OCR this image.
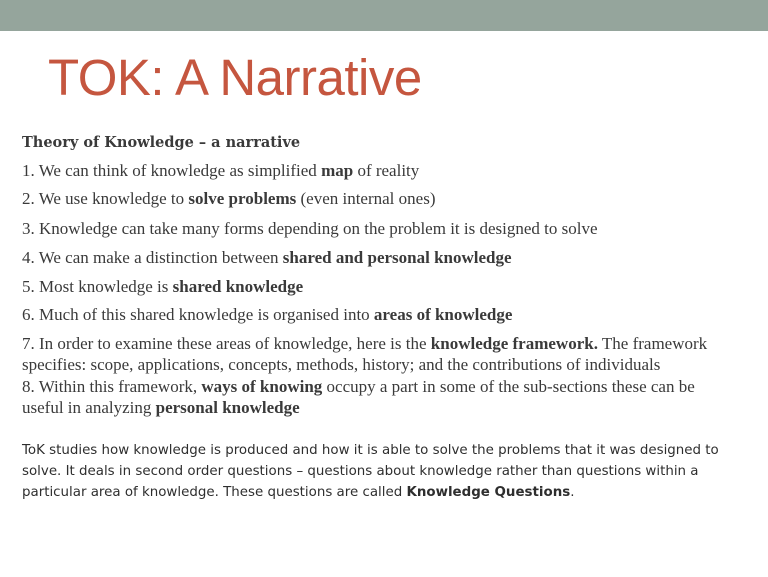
TOK: A Narrative
Theory of Knowledge – a narrative
1. We can think of knowledge as simplified map of reality
2. We use knowledge to solve problems (even internal ones)
3. Knowledge can take many forms depending on the problem it is designed to solve
4. We can make a distinction between shared and personal knowledge
5. Most knowledge is shared knowledge
6. Much of this shared knowledge is organised into areas of knowledge
7. In order to examine these areas of knowledge, here is the knowledge framework. The framework
specifies: scope, applications, concepts, methods, history; and the contributions of individuals
8. Within this framework, ways of knowing occupy a part in some of the sub-sections these can be
useful in analyzing personal knowledge
ToK studies how knowledge is produced and how it is able to solve the problems that it was designed to solve. It deals in second order questions – questions about knowledge rather than questions within a particular area of knowledge. These questions are called Knowledge Questions.
